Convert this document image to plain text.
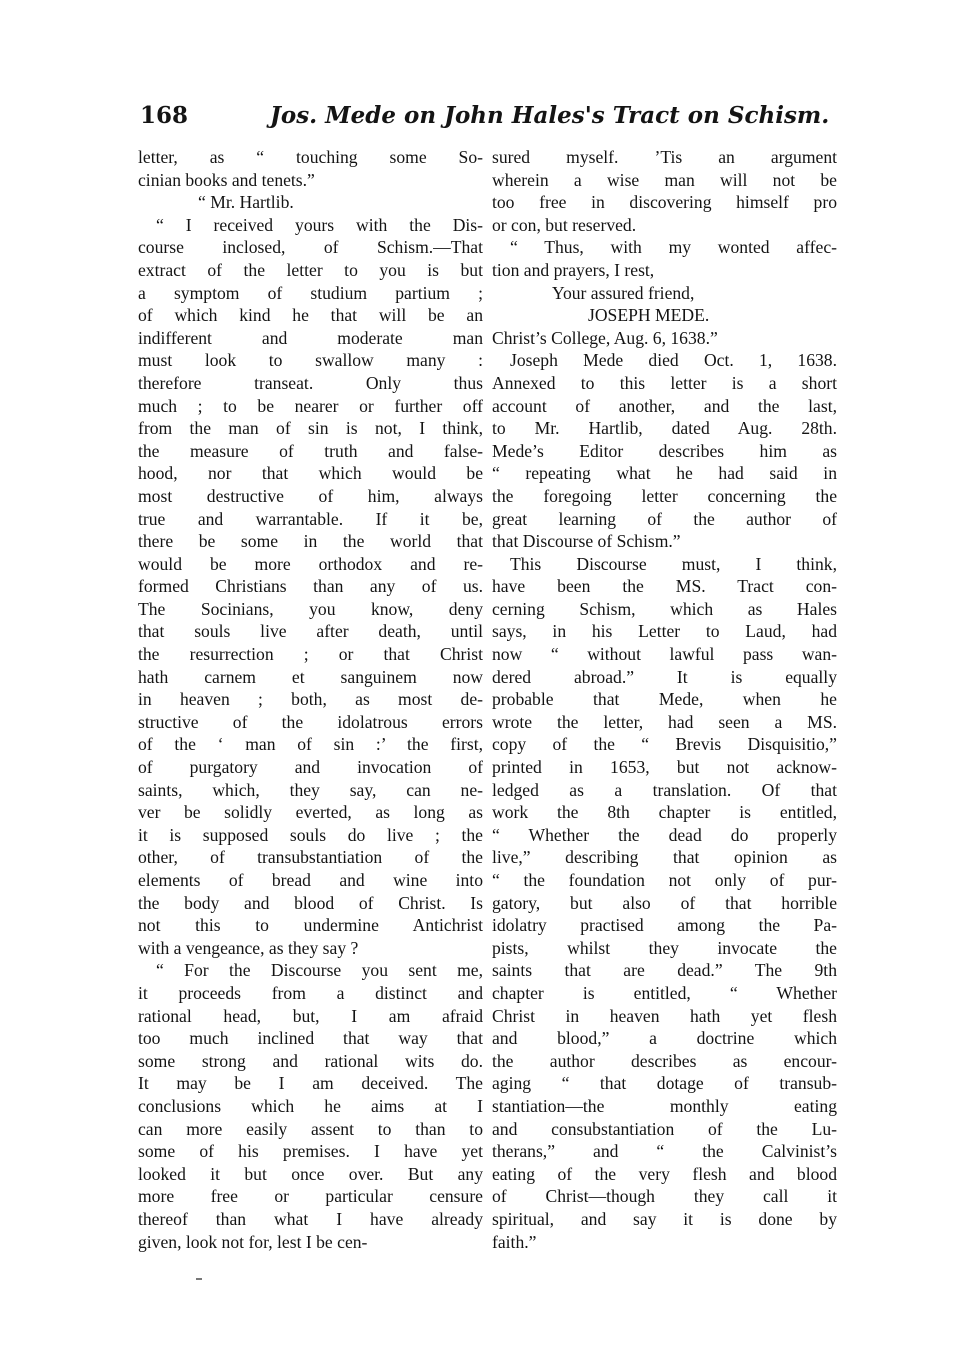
168	Jos. Mede on John Hales's Tract on Schism.
letter, as “ touching some So-
cinian books and tenets.”
“ Mr. Hartlib.
“ I received yours with the Dis-
course inclosed, of Schism.—That
extract of the letter to you is but
a symptom of studium partium ;
of which kind he that will be an
indifferent and moderate man
must look to swallow many :
therefore transeat. Only thus
much ; to be nearer or further off
from the man of sin is not, I think,
the measure of truth and false-
hood, nor that which would be
most destructive of him, always
true and warrantable. If it be,
there be some in the world that
would be more orthodox and re-
formed Christians than any of us.
The Socinians, you know, deny
that souls live after death, until
the resurrection ; or that Christ
hath carnem et sanguinem now
in heaven ; both, as most de-
structive of the idolatrous errors
of the ‘ man of sin :’ the first,
of purgatory and invocation of
saints, which, they say, can ne-
ver be solidly everted, as long as
it is supposed souls do live ; the
other, of transubstantiation of the
elements of bread and wine into
the body and blood of Christ. Is
not this to undermine Antichrist
with a vengeance, as they say ?
“ For the Discourse you sent me,
it proceeds from a distinct and
rational head, but, I am afraid
too much inclined that way that
some strong and rational wits do.
It may be I am deceived. The
conclusions which he aims at I
can more easily assent to than to
some of his premises. I have yet
looked it but once over. But any
more free or particular censure
thereof than what I have already
given, look not for, lest I be cen-
sured myself. ’Tis an argument
wherein a wise man will not be
too free in discovering himself pro
or con, but reserved.
“ Thus, with my wonted affec-
tion and prayers, I rest,
Your assured friend,
JOSEPH MEDE.
Christ’s College, Aug. 6, 1638.”
Joseph Mede died Oct. 1, 1638.
Annexed to this letter is a short
account of another, and the last,
to Mr. Hartlib, dated Aug. 28th.
Mede’s Editor describes him as
“ repeating what he had said in
the foregoing letter concerning the
great learning of the author of
that Discourse of Schism.”
This Discourse must, I think,
have been the MS. Tract con-
cerning Schism, which as Hales
says, in his Letter to Laud, had
now “ without lawful pass wan-
dered abroad.” It is equally
probable that Mede, when he
wrote the letter, had seen a MS.
copy of the “ Brevis Disquisitio,”
printed in 1653, but not acknow-
ledged as a translation. Of that
work the 8th chapter is entitled,
“ Whether the dead do properly
live,” describing that opinion as
“ the foundation not only of pur-
gatory, but also of that horrible
idolatry practised among the Pa-
pists, whilst they invocate the
saints that are dead.” The 9th
chapter is entitled, “ Whether
Christ in heaven hath yet flesh
and blood,” a doctrine which
the author describes as encour-
aging “ that dotage of transub-
stantiation—the monthly eating
and consubstantiation of the Lu-
therans,” and “ the Calvinist’s
eating of the very flesh and blood
of Christ—though they call it
spiritual, and say it is done by
faith.”
